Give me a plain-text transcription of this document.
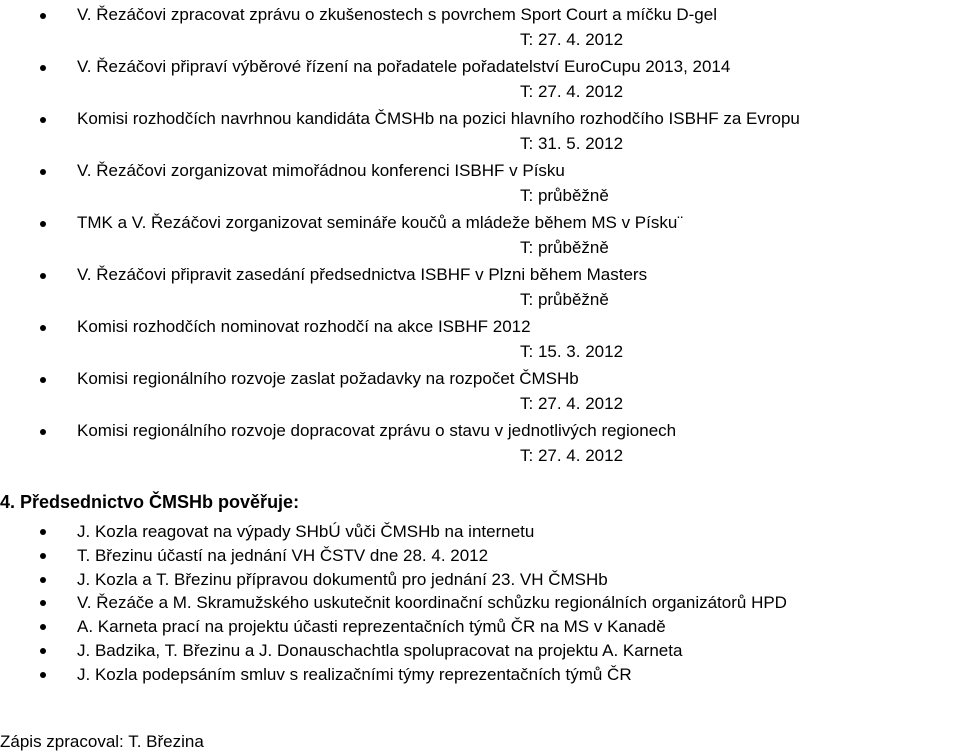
V. Řezáčovi zpracovat zprávu o zkušenostech s povrchem Sport Court a míčku D-gel
T: 27. 4. 2012
V. Řezáčovi připraví výběrové řízení na pořadatele pořadatelství EuroCupu 2013, 2014
T: 27. 4. 2012
Komisi rozhodčích navrhnou kandidáta ČMSHb na pozici hlavního rozhodčího ISBHF za Evropu
T: 31. 5. 2012
V. Řezáčovi zorganizovat mimořádnou konferenci ISBHF v Písku
T: průběžně
TMK a V. Řezáčovi zorganizovat semináře koučů a mládeže během MS v Písku¨
T: průběžně
V. Řezáčovi připravit zasedání předsednictva ISBHF v Plzni během Masters
T: průběžně
Komisi rozhodčích nominovat rozhodčí na akce ISBHF 2012
T: 15. 3. 2012
Komisi regionálního rozvoje zaslat požadavky na rozpočet ČMSHb
T: 27. 4. 2012
Komisi regionálního rozvoje dopracovat zprávu o stavu v jednotlivých regionech
T: 27. 4. 2012
4. Předsednictvo ČMSHb pověřuje:
J. Kozla reagovat na výpady SHbÚ vůči ČMSHb na internetu
T. Březinu účastí na jednání VH ČSTV dne 28. 4. 2012
J. Kozla a T. Březinu přípravou dokumentů pro jednání 23. VH ČMSHb
V. Řezáče a M. Skramužského uskutečnit koordinační schůzku regionálních organizátorů HPD
A. Karneta prací na projektu účasti reprezentačních týmů ČR na MS v Kanadě
J. Badzika, T. Březinu a J. Donauschachtla spolupracovat na projektu A. Karneta
J. Kozla podepsáním smluv s realizačními týmy reprezentačních týmů ČR
Zápis zpracoval: T. Březina
